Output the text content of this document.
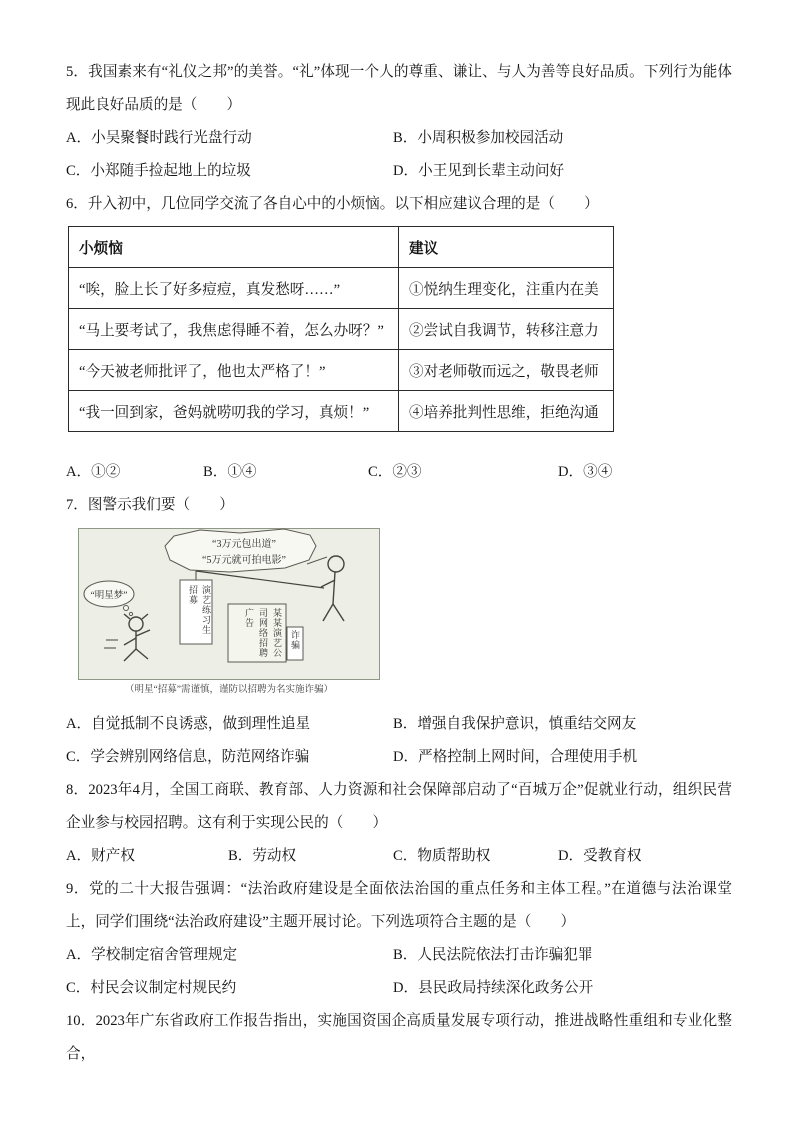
5．我国素来有“礼仪之邦”的美誉。“礼”体现一个人的尊重、谦让、与人为善等良好品质。下列行为能体现此良好品质的是（　　）
A．小吴聚餐时践行光盘行动	B．小周积极参加校园活动
C．小郑随手捡起地上的垃圾	D．小王见到长辈主动问好
6．升入初中，几位同学交流了各自心中的小烦恼。以下相应建议合理的是（　　）
小烦恼	建议
“唉，脸上长了好多痘痘，真发愁呀……”	①悦纳生理变化，注重内在美
“马上要考试了，我焦虑得睡不着，怎么办呀？”	②尝试自我调节，转移注意力
“今天被老师批评了，他也太严格了！”	③对老师敬而远之，敬畏老师
“我一回到家，爸妈就唠叨我的学习，真烦！”	④培养批判性思维，拒绝沟通
A．①②	B．①④	C．②③	D．③④
7．图警示我们要（　　）
“3万元包出道”
“5万元就可拍电影”
“明星梦”	演艺练习生招募
某某演艺公司网络招聘广告
诈骗
（明星“招募”需谨慎，谨防以招聘为名实施诈骗）
A．自觉抵制不良诱惑，做到理性追星	B．增强自我保护意识，慎重结交网友
C．学会辨别网络信息，防范网络诈骗	D．严格控制上网时间，合理使用手机
8．2023年4月，全国工商联、教育部、人力资源和社会保障部启动了“百城万企”促就业行动，组织民营企业参与校园招聘。这有利于实现公民的（　　）
A．财产权	B．劳动权	C．物质帮助权	D．受教育权
9．党的二十大报告强调：“法治政府建设是全面依法治国的重点任务和主体工程。”在道德与法治课堂上，同学们围绕“法治政府建设”主题开展讨论。下列选项符合主题的是（　　）
A．学校制定宿舍管理规定	B．人民法院依法打击诈骗犯罪
C．村民会议制定村规民约	D．县民政局持续深化政务公开
10．2023年广东省政府工作报告指出，实施国资国企高质量发展专项行动，推进战略性重组和专业化整合，
